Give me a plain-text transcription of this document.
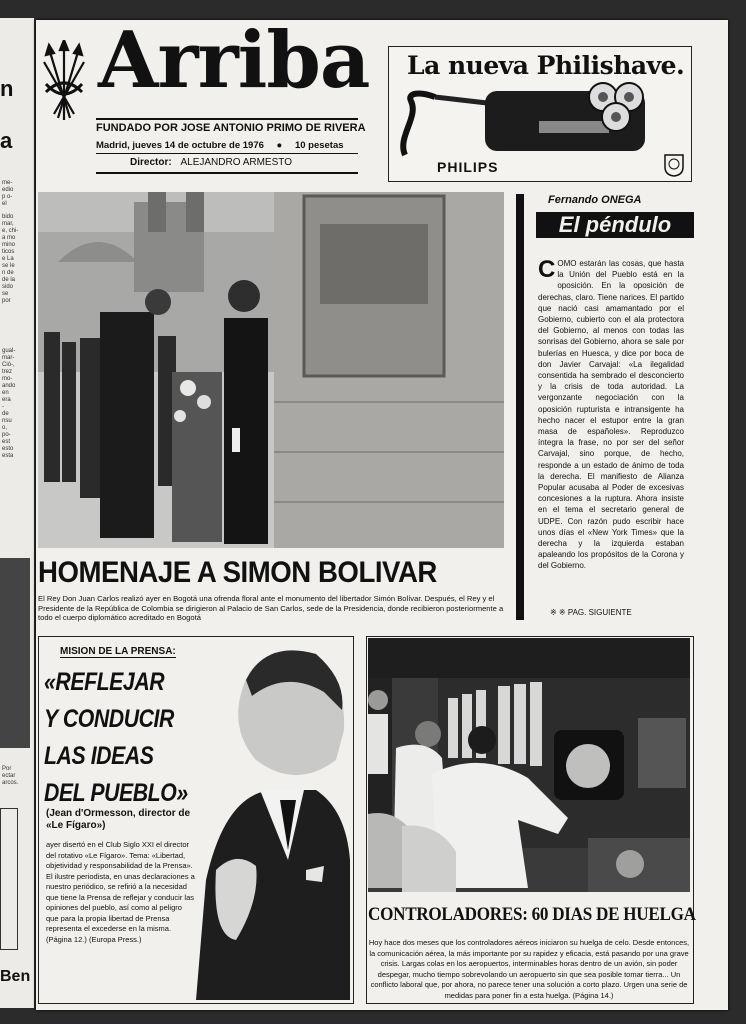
n
a
me-
edio
p o-
el
bido
mar,
e, chi-
a mo
mino
ticos
e La
se le
n de
de la
sido
se
por
gual-
mar-
Ció-,
trez
mo-
ando
en
era
-
de
nsu
o,
po-
est
esto
esta
Por
ectar
arcos.
Ben
Arriba
FUNDADO POR JOSE ANTONIO PRIMO DE RIVERA
Madrid, jueves 14 de octubre de 1976 ● 10 pesetas
Director: ALEJANDRO ARMESTO
La nueva Philishave.
PHILIPS
HOMENAJE A SIMON BOLIVAR
El Rey Don Juan Carlos realizó ayer en Bogotá una ofrenda floral ante el monumento del libertador Simón Bolívar. Después, el Rey y el Presidente de la República de Colombia se dirigieron al Palacio de San Carlos, sede de la Presidencia, donde recibieron posteriormente a todo el cuerpo diplomático acreditado en Bogotá
Fernando ONEGA
El péndulo
C OMO estarán las cosas, que hasta la Unión del Pueblo está en la oposición. En la oposición de derechas, claro. Tiene narices. El partido que nació casi amamantado por el Gobierno, cubierto con el ala protectora del Gobierno, al menos con todas las sonrisas del Gobierno, ahora se sale por bulerías en Huesca, y dice por boca de don Javier Carvajal: «La ilegalidad consentida ha sembrado el desconcierto y la crisis de toda autoridad. La vergonzante negociación con la oposición rupturista e intransigente ha hecho nacer el estupor entre la gran masa de españoles». Reproduzco íntegra la frase, no por ser del señor Carvajal, sino porque, de hecho, responde a un estado de ánimo de toda la derecha. El manifiesto de Alianza Popular acusaba al Poder de excesivas concesiones a la ruptura. Ahora insiste en el tema el secretario general de UDPE. Con razón pudo escribir hace unos días el «New York Times» que la derecha y la izquierda estaban apaleando los propósitos de la Corona y del Gobierno.
※ ※ PAG. SIGUIENTE
MISION DE LA PRENSA:
«REFLEJAR
Y CONDUCIR
LAS IDEAS
DEL PUEBLO»
(Jean d'Ormesson, director de «Le Fígaro»)
ayer disertó en el Club Siglo XXI el director del rotativo «Le Fígaro». Tema: «Libertad, objetividad y responsabilidad de la Prensa». El ilustre periodista, en unas declaraciones a nuestro periódico, se refirió a la necesidad que tiene la Prensa de reflejar y conducir las opiniones del pueblo, así como al peligro que para la propia libertad de Prensa representa el excederse en la misma. (Página 12.) (Europa Press.)
CONTROLADORES: 60 DIAS DE HUELGA
Hoy hace dos meses que los controladores aéreos iniciaron su huelga de celo. Desde entonces, la comunicación aérea, la más importante por su rapidez y eficacia, está pasando por una grave crisis. Largas colas en los aeropuertos, interminables horas dentro de un avión, sin poder despegar, mucho tiempo sobrevolando un aeropuerto sin que sea posible tomar tierra... Un conflicto laboral que, por ahora, no parece tener una solución a corto plazo. Urgen una serie de medidas para poner fin a esta huelga. (Página 14.)
